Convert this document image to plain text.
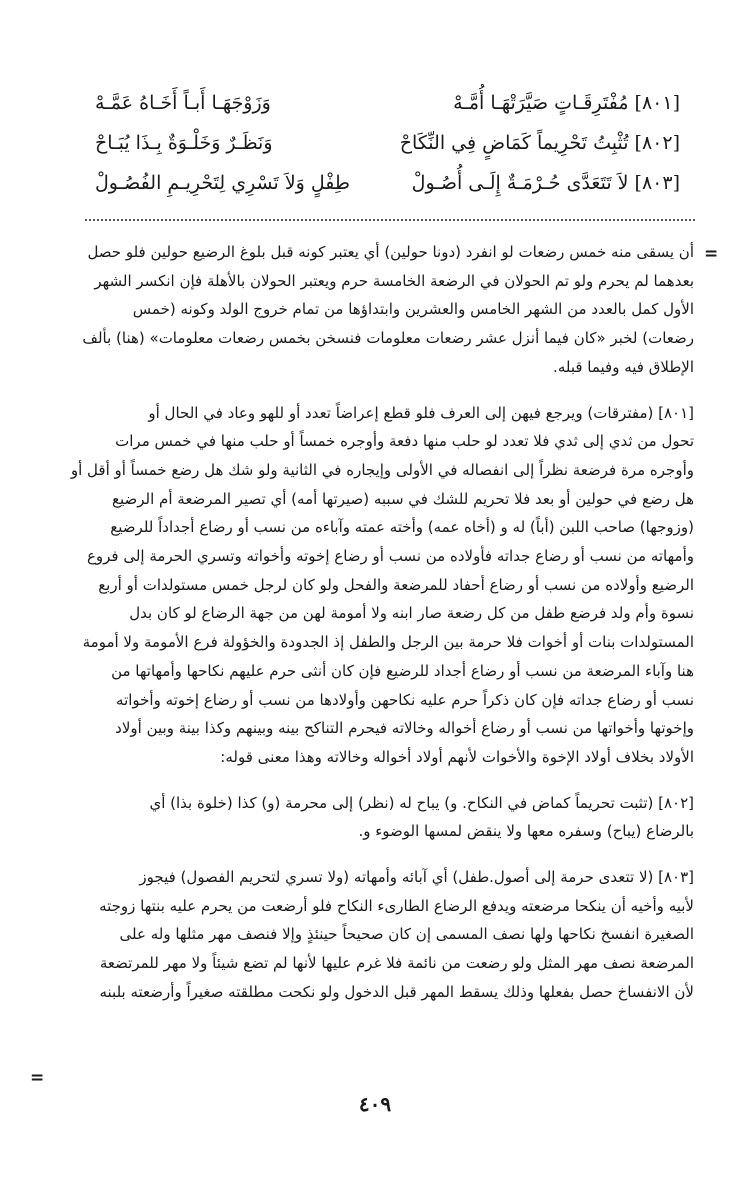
[٨٠١] مُفْتَرِقَـاتٍ صَيَّرَتْهَـا أُمَّـهْ
وَزَوْجَهَـا أَبـاً أَخَـاهُ عَمَّـهْ
[٨٠٢] تُثْبِتُ تَحْرِيماً كَمَاضٍ فِي النِّكَاحْ
وَنَظَـرٌ وَخَلْـوَةٌ بِـذَا يُبَـاحْ
[٨٠٣] لاَ تَتَعَدَّى حُـرْمَـةٌ إِلَـى أُصُـولْ
طِفْلٍ وَلاَ تَسْرِي لِتَحْرِيـمِ الفُصُـولْ
=

أن يسقى منه خمس رضعات لو انفرد (دونا حولين) أي يعتبر كونه قبل بلوغ الرضيع حولين فلو حصل

بعدهما لم يحرم ولو تم الحولان في الرضعة الخامسة حرم ويعتبر الحولان بالأهلة فإن انكسر الشهر

الأول كمل بالعدد من الشهر الخامس والعشرين وابتداؤها من تمام خروج الولد وكونه (خمس

رضعات) لخبر «كان فيما أنزل عشر رضعات معلومات فنسخن بخمس رضعات معلومات» (هنا) بألف

الإطلاق فيه وفيما قبله.

[٨٠١] (مفترقات) ويرجع فيهن إلى العرف فلو قطع إعراضاً تعدد أو للهو وعاد في الحال أو

تحول من ثدي إلى ثدي فلا تعدد لو حلب منها دفعة وأوجره خمساً أو حلب منها في خمس مرات

وأوجره مرة فرضعة نظراً إلى انفصاله في الأولى وإيجاره في الثانية ولو شك هل رضع خمساً أو أقل أو

هل رضع في حولين أو بعد فلا تحريم للشك في سببه (صيرتها أمه) أي تصير المرضعة أم الرضيع

(وزوجها) صاحب اللبن (أباً) له و (أخاه عمه) وأخته عمته وآباءه من نسب أو رضاع أجداداً للرضيع

وأمهاته من نسب أو رضاع جداته فأولاده من نسب أو رضاع إخوته وأخواته وتسري الحرمة إلى فروع

الرضيع وأولاده من نسب أو رضاع أحفاد للمرضعة والفحل ولو كان لرجل خمس مستولدات أو أربع

نسوة وأم ولد فرضع طفل من كل رضعة صار ابنه ولا أمومة لهن من جهة الرضاع لو كان بدل

المستولدات بنات أو أخوات فلا حرمة بين الرجل والطفل إذ الجدودة والخؤولة فرع الأمومة ولا أمومة

هنا وآباء المرضعة من نسب أو رضاع أجداد للرضيع فإن كان أنثى حرم عليهم نكاحها وأمهاتها من

نسب أو رضاع جداته فإن كان ذكراً حرم عليه نكاحهن وأولادها من نسب أو رضاع إخوته وأخواته

وإخوتها وأخواتها من نسب أو رضاع أخواله وخالاته فيحرم التناكح بينه وبينهم وكذا بينة وبين أولاد

الأولاد بخلاف أولاد الإخوة والأخوات لأنهم أولاد أخواله وخالاته وهذا معنى قوله:

[٨٠٢] (تثبت تحريماً كماض في النكاح. و) يباح له (نظر) إلى محرمة (و) كذا (خلوة بذا) أي

بالرضاع (يباح) وسفره معها ولا ينقض لمسها الوضوء و.

[٨٠٣] (لا تتعدى حرمة إلى أصول.طفل) أي آبائه وأمهاته (ولا تسري لتحريم الفصول) فيجوز

لأبيه وأخيه أن ينكحا مرضعته ويدفع الرضاع الطارىء النكاح فلو أرضعت من يحرم عليه بنتها زوجته

الصغيرة انفسخ نكاحها ولها نصف المسمى إن كان صحيحاً حينئذٍ وإلا فنصف مهر مثلها وله على

المرضعة نصف مهر المثل ولو رضعت من نائمة فلا غرم عليها لأنها لم تضع شيئاً ولا مهر للمرتضعة

لأن الانفساخ حصل بفعلها وذلك يسقط المهر قبل الدخول ولو نكحت مطلقته صغيراً وأرضعته بلبنه

=
٤٠٩
